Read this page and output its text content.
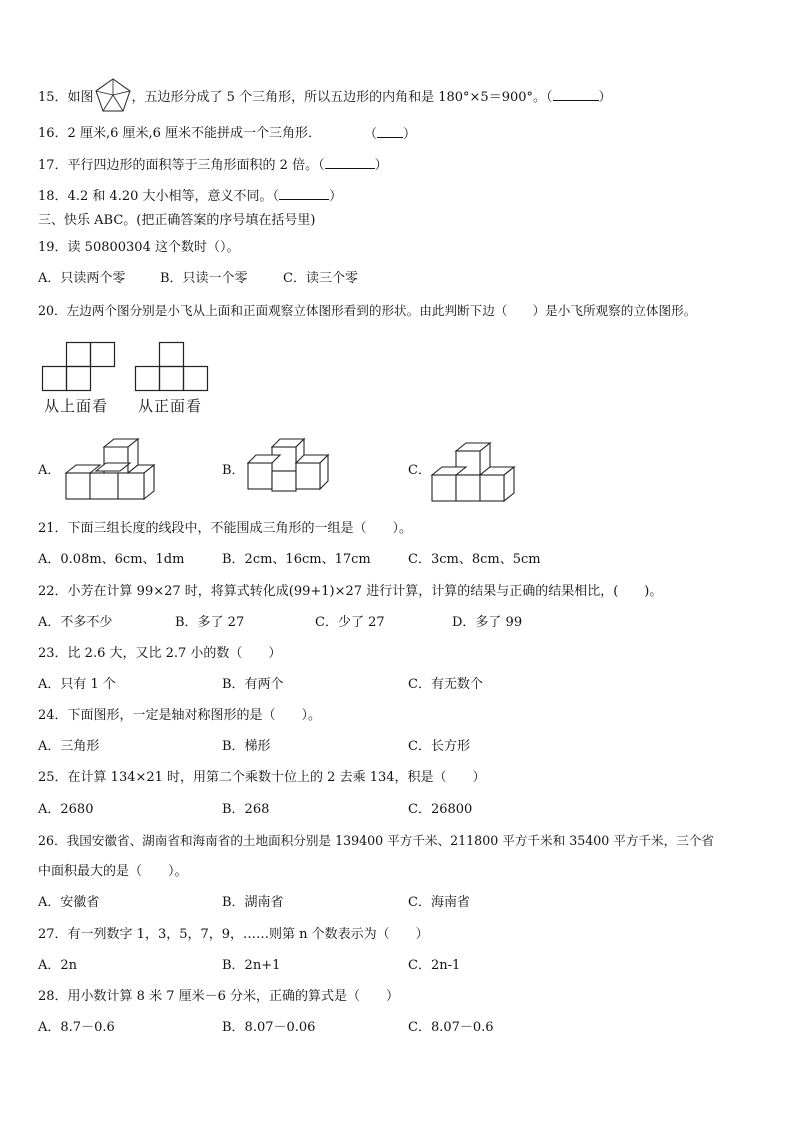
15．如图	，五边形分成了 5 个三角形，所以五边形的内角和是 180°×5＝900°。（	）
16．2 厘米,6 厘米,6 厘米不能拼成一个三角形．	（ ）
17．平行四边形的面积等于三角形面积的 2 倍。（	）
18．4.2 和 4.20 大小相等，意义不同。（	）
三、快乐 ABC。(把正确答案的序号填在括号里)
19．读 50800304 这个数时（）。
A．只读两个零	B．只读一个零	C．读三个零
20．左边两个图分别是小飞从上面和正面观察立体图形看到的形状。由此判断下边（　　）是小飞所观察的立体图形。
从上面看 从正面看
A．	B．	C．
21．下面三组长度的线段中，不能围成三角形的一组是（　　）。
A．0.08m、6cm、1dm	B．2cm、16cm、17cm	C．3cm、8cm、5cm
22．小芳在计算 99×27 时，将算式转化成(99+1)×27 进行计算，计算的结果与正确的结果相比，(　　)。
A．不多不少	B．多了 27	C．少了 27	D．多了 99
23．比 2.6 大，又比 2.7 小的数（　　）
A．只有 1 个	B．有两个	C．有无数个
24．下面图形，一定是轴对称图形的是（　　）。
A．三角形	B．梯形	C．长方形
25．在计算 134×21 时，用第二个乘数十位上的 2 去乘 134，积是（　　）
A．2680	B．268	C．26800
26．我国安徽省、湖南省和海南省的土地面积分别是 139400 平方千米、211800 平方千米和 35400 平方千米，三个省
中面积最大的是（　　）。
A．安徽省	B．湖南省	C．海南省
27．有一列数字 1，3，5，7，9，……则第 n 个数表示为（　　）
A．2n	B．2n+1	C．2n-1
28．用小数计算 8 米 7 厘米－6 分米，正确的算式是（　　）
A．8.7－0.6	B．8.07－0.06	C．8.07－0.6
